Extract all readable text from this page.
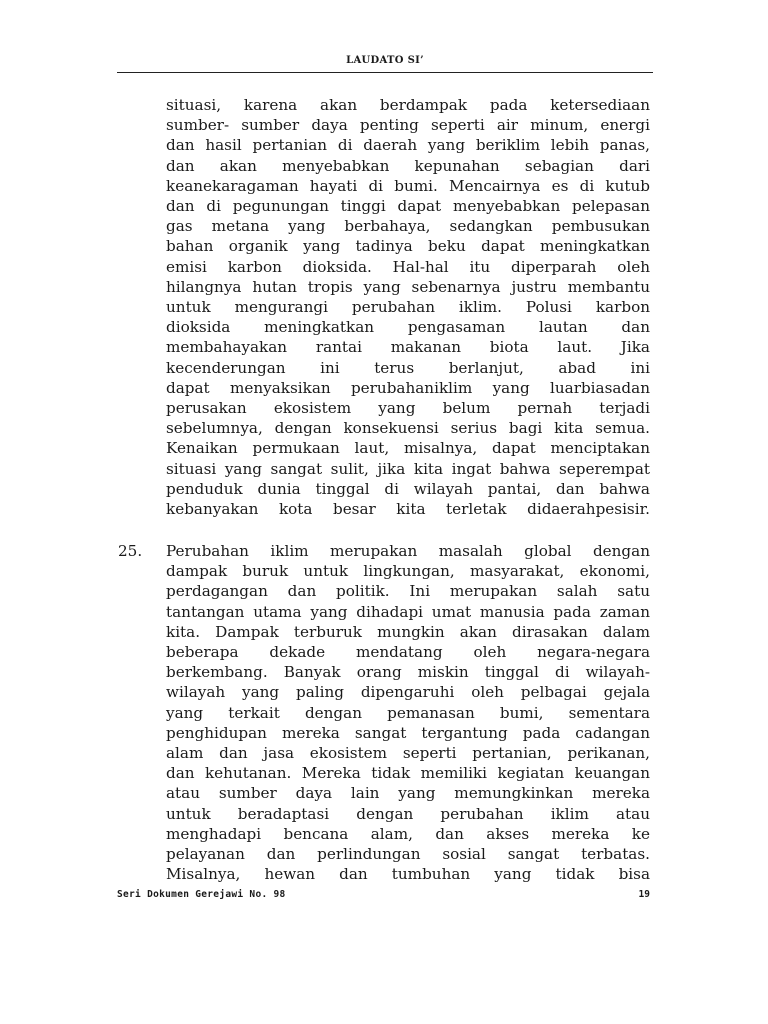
LAUDATO SI’
situasi, karena akan berdampak pada ketersediaan
sumber- sumber daya penting seperti air minum, energi
dan hasil pertanian di daerah yang beriklim lebih panas,
dan akan menyebabkan kepunahan sebagian dari
keanekaragaman hayati di bumi. Mencairnya es di kutub
dan di pegunungan tinggi dapat menyebabkan pelepasan
gas metana yang berbahaya, sedangkan pembusukan
bahan organik yang tadinya beku dapat meningkatkan
emisi karbon dioksida. Hal-hal itu diperparah oleh
hilangnya hutan tropis yang sebenarnya justru membantu
untuk mengurangi perubahan iklim. Polusi karbon
dioksida meningkatkan pengasaman lautan dan
membahayakan rantai makanan biota laut. Jika
kecenderungan ini terus berlanjut, abad ini
dapat menyaksikan perubahaniklim yang luarbiasadan
perusakan ekosistem yang belum pernah terjadi
sebelumnya, dengan konsekuensi serius bagi kita semua.
Kenaikan permukaan laut, misalnya, dapat menciptakan
situasi yang sangat sulit, jika kita ingat bahwa seperempat
penduduk dunia tinggal di wilayah pantai, dan bahwa
kebanyakan kota besar kita terletak didaerahpesisir.
25. Perubahan iklim merupakan masalah global dengan
dampak buruk untuk lingkungan, masyarakat, ekonomi,
perdagangan dan politik. Ini merupakan salah satu
tantangan utama yang dihadapi umat manusia pada zaman
kita. Dampak terburuk mungkin akan dirasakan dalam
beberapa dekade mendatang oleh negara-negara
berkembang. Banyak orang miskin tinggal di wilayah-
wilayah yang paling dipengaruhi oleh pelbagai gejala
yang terkait dengan pemanasan bumi, sementara
penghidupan mereka sangat tergantung pada cadangan
alam dan jasa ekosistem seperti pertanian, perikanan,
dan kehutanan. Mereka tidak memiliki kegiatan keuangan
atau sumber daya lain yang memungkinkan mereka
untuk beradaptasi dengan perubahan iklim atau
menghadapi bencana alam, dan akses mereka ke
pelayanan dan perlindungan sosial sangat terbatas.
Misalnya, hewan dan tumbuhan yang tidak bisa
Seri Dokumen Gerejawi No. 98	19
